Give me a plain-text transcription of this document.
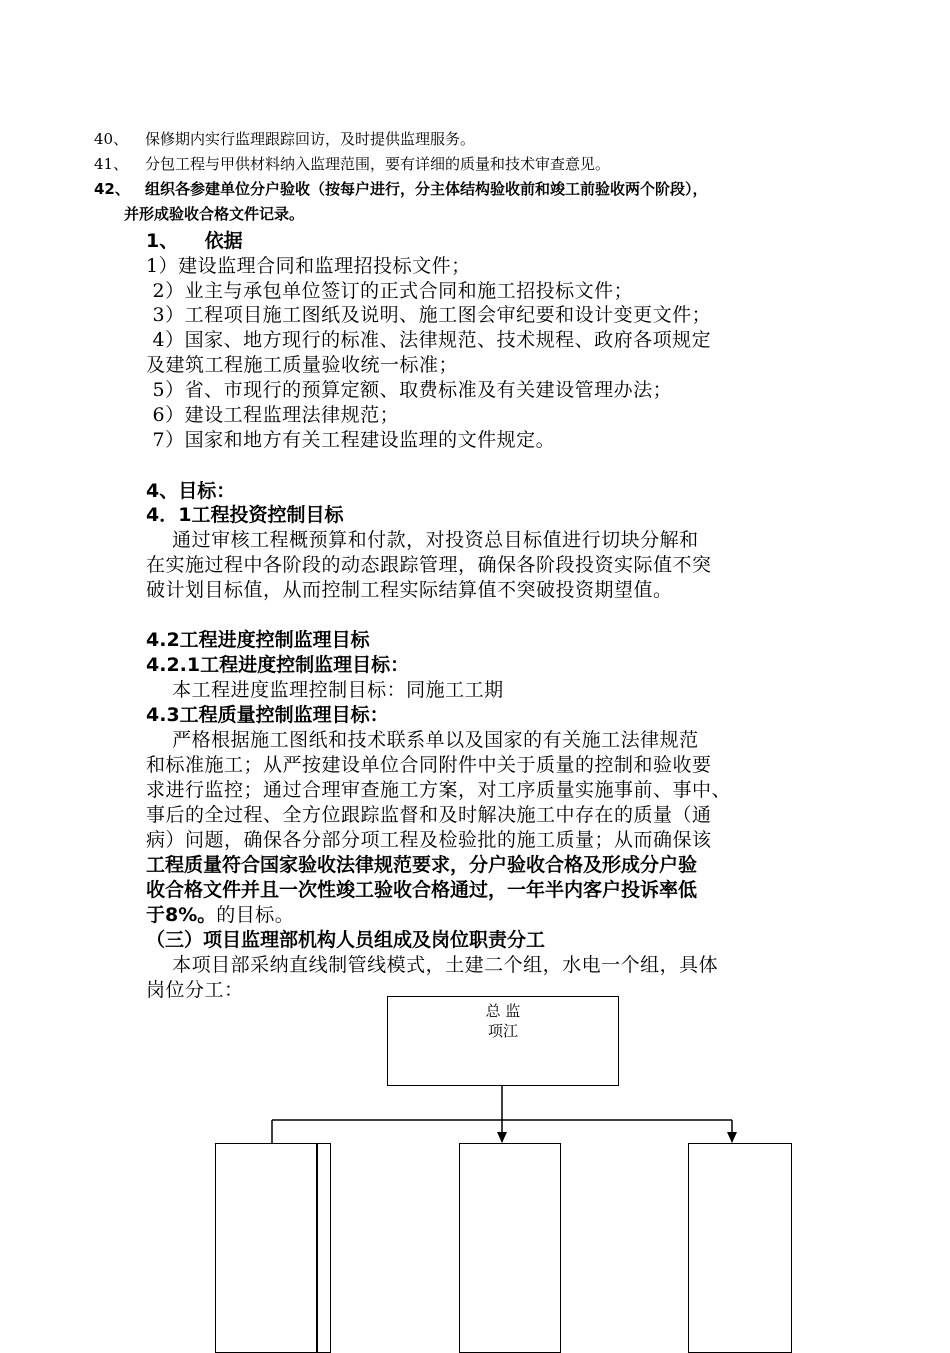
40、 保修期内实行监理跟踪回访，及时提供监理服务。
41、 分包工程与甲供材料纳入监理范围，要有详细的质量和技术审查意见。
42、 组织各参建单位分户验收（按每户进行，分主体结构验收前和竣工前验收两个阶段），
并形成验收合格文件记录。
1、    依据
1）建设监理合同和监理招投标文件；
2）业主与承包单位签订的正式合同和施工招投标文件；
3）工程项目施工图纸及说明、施工图会审纪要和设计变更文件；
4）国家、地方现行的标准、法律规范、技术规程、政府各项规定
及建筑工程施工质量验收统一标准；
5）省、市现行的预算定额、取费标准及有关建设管理办法；
6）建设工程监理法律规范；
7）国家和地方有关工程建设监理的文件规定。
4、目标：
4．1工程投资控制目标
通过审核工程概预算和付款，对投资总目标值进行切块分解和
在实施过程中各阶段的动态跟踪管理，确保各阶段投资实际值不突
破计划目标值，从而控制工程实际结算值不突破投资期望值。
4.2工程进度控制监理目标
4.2.1工程进度控制监理目标：
本工程进度监理控制目标：同施工工期
4.3工程质量控制监理目标：
严格根据施工图纸和技术联系单以及国家的有关施工法律规范
和标准施工；从严按建设单位合同附件中关于质量的控制和验收要
求进行监控；通过合理审查施工方案，对工序质量实施事前、事中、
事后的全过程、全方位跟踪监督和及时解决施工中存在的质量（通
病）问题，确保各分部分项工程及检验批的施工质量；从而确保该
工程质量符合国家验收法律规范要求，分户验收合格及形成分户验
收合格文件并且一次性竣工验收合格通过，一年半内客户投诉率低
于8%。的目标。
（三）项目监理部机构人员组成及岗位职责分工
本项目部采纳直线制管线模式，土建二个组，水电一个组，具体
岗位分工：
总 监
项江
